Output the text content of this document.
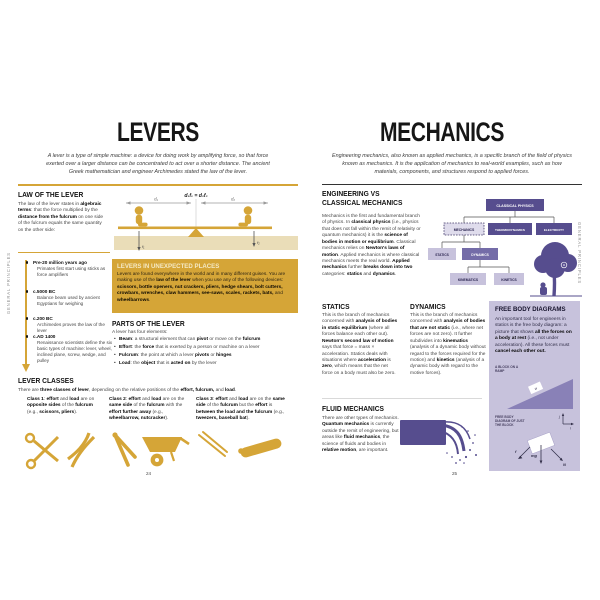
GENERAL PRINCIPLES
LEVERS
A lever is a type of simple machine: a device for doing work by amplifying force, so that force exerted over a larger distance can be concentrated to act over a shorter distance. The ancient Greek mathematician and engineer Archimedes stated the law of the lever.
LAW OF THE LEVER
The law of the lever states in algebraic terms: that the force multiplied by the distance from the fulcrum on one side of the fulcrum equals the same quantity on the other side:
Pre-20 million years ago
Primates first start using sticks as force amplifiers
c.5000 BC
Balance beam used by ancient Egyptians for weighing
c.200 BC
Archimedes proves the law of the lever
c.AD 1400
Renaissance scientists define the six basic types of machine: lever, wheel, inclined plane, screw, wedge, and pulley
d₁f₁ = d₂f₂
d₁	d₂
f₁
f₂
LEVERS IN UNEXPECTED PLACES
Levers are found everywhere in the world and in many different guises. You are making use of the law of the lever when you use any of the following devices: scissors, bottle openers, nut crackers, pliers, hedge shears, bolt cutters, crowbars, wrenches, claw hammers, see-saws, scales, rackets, bats, and wheelbarrows.
PARTS OF THE LEVER
A lever has four elements:
• Beam: a structural element that can pivot or move on the fulcrum
• Effort: the force that is exerted by a person or machine on a lever
• Fulcrum: the point at which a lever pivots or hinges
• Load: the object that is acted on by the lever
LEVER CLASSES
There are three classes of lever, depending on the relative positions of the effort, fulcrum, and load.
Class 1: effort and load are on opposite sides of the fulcrum (e.g., scissors, pliers).
Class 2: effort and load are on the same side of the fulcrum with the effort further away (e.g., wheelbarrow, nutcracker).
Class 3: effort and load are on the same side of the fulcrum but the effort is between the load and the fulcrum (e.g., tweezers, baseball bat).
24
GENERAL PRINCIPLES
MECHANICS
Engineering mechanics, also known as applied mechanics, is a specific branch of the field of physics known as mechanics. It is the application of mechanics to real-world examples, such as how materials, components, and structures respond to applied forces.
ENGINEERING VS CLASSICAL MECHANICS
Mechanics is the first and fundamental branch of physics. In classical physics (i.e., physics that does not fall within the remit of relativity or quantum mechanics) it is the science of bodies in motion or equilibrium. Classical mechanics relies on Newton's laws of motion. Applied mechanics is where classical mechanics meets the real world. Applied mechanics further breaks down into two categories: statics and dynamics.
CLASSICAL PHYSICS
MECHANICS	THERMODYNAMICS	ELECTRICITY
STATICS	DYNAMICS
KINEMATICS	KINETICS
STATICS
This is the branch of mechanics concerned with analysis of bodies in static equilibrium (where all forces balance each other out). Newton's second law of motion says that force = mass × acceleration. Statics deals with situations where acceleration is zero, which means that the net force on a body must also be zero.
DYNAMICS
This is the branch of mechanics concerned with analysis of bodies that are not static (i.e., where net forces are not zero). It further subdivides into kinematics (analysis of a dynamic body without regard to the forces required for the motion) and kinetics (analysis of a dynamic body with regard to the motive forces).
FLUID MECHANICS
There are other types of mechanics. Quantum mechanics is currently outside the remit of engineering, but areas like fluid mechanics, the science of fluids and bodies in relative motion, are important.
FREE BODY DIAGRAMS
An important tool for engineers in statics is the free body diagram: a picture that shows all the forces on a body at rest (i.e., not under acceleration). All these forces must cancel each other out.
A BLOCK ON A RAMP
w
FREE BODY DIAGRAM OF JUST THE BLOCK
j
i
mg
f
N
25
